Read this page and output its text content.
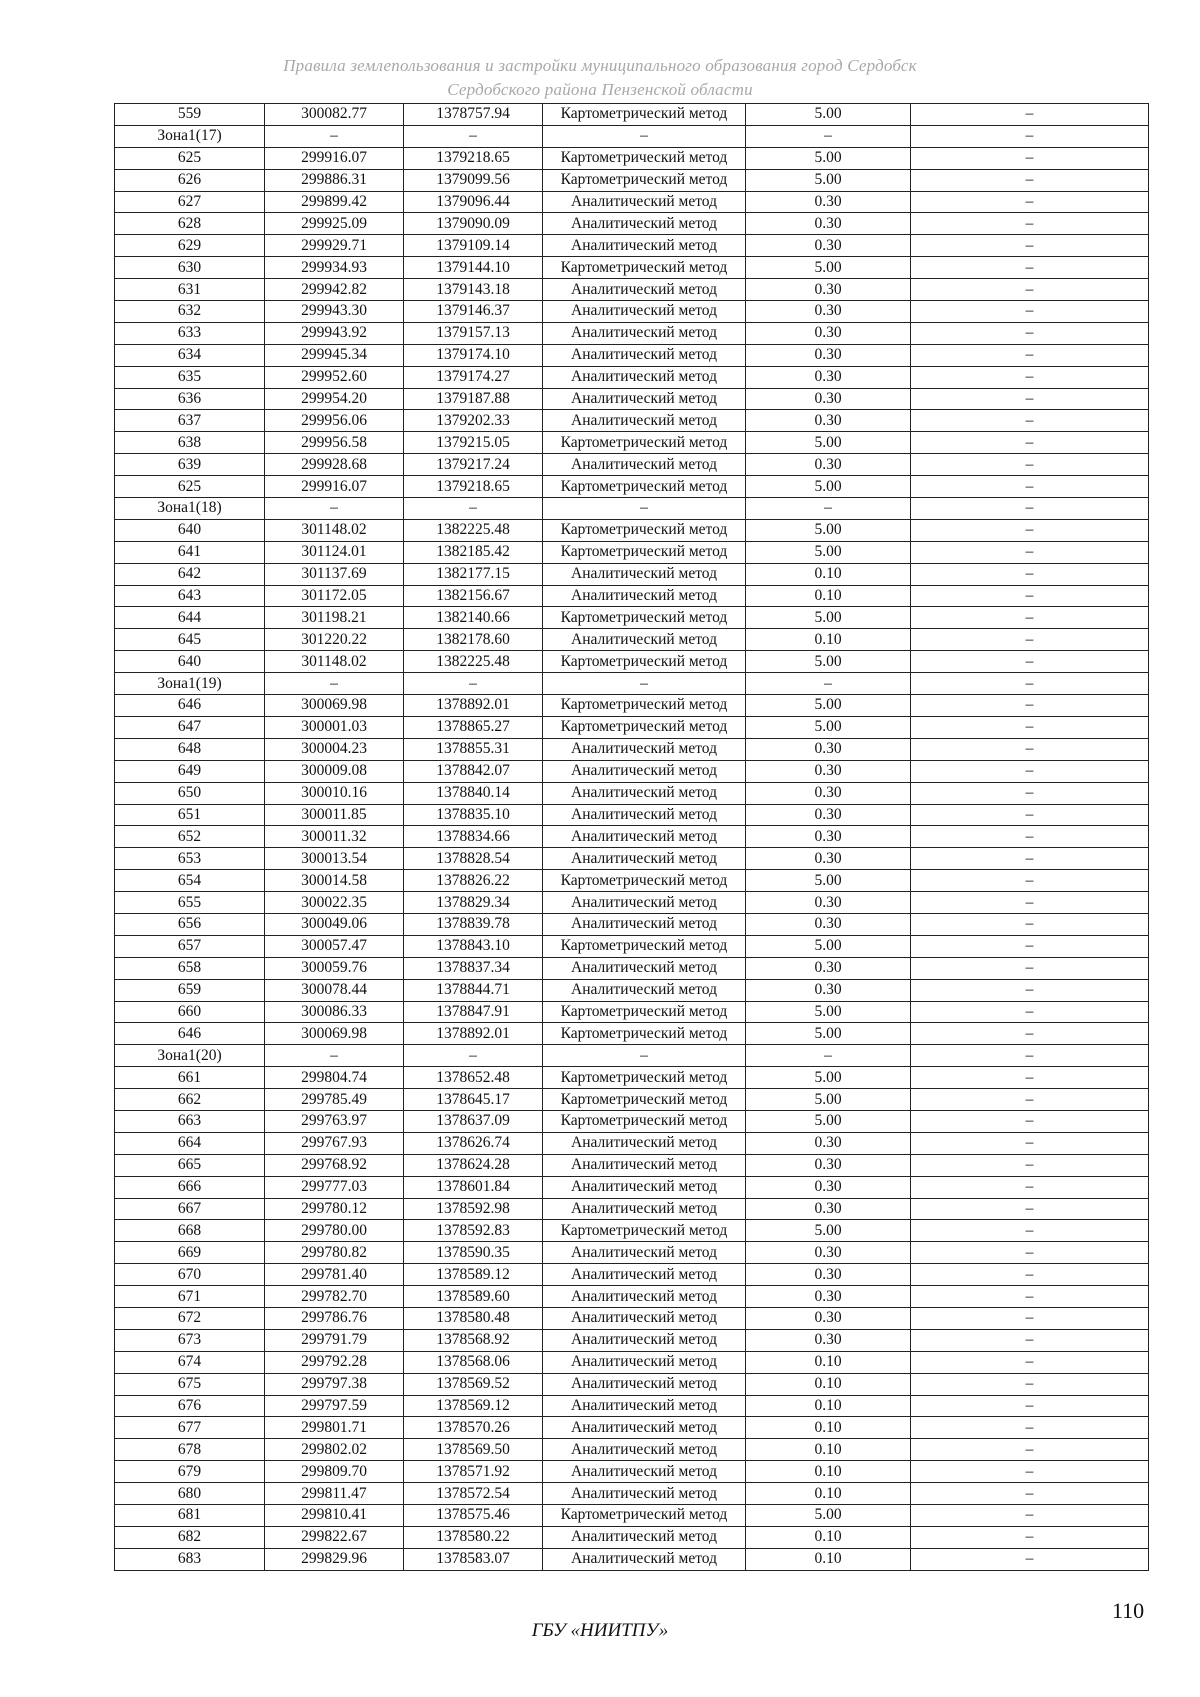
Правила землепользования и застройки муниципального образования город Сердобск
Сердобского района Пензенской области
559	300082.77	1378757.94	Картометрический метод	5.00	–
Зона1(17)	–	–	–	–	–
625	299916.07	1379218.65	Картометрический метод	5.00	–
626	299886.31	1379099.56	Картометрический метод	5.00	–
627	299899.42	1379096.44	Аналитический метод	0.30	–
628	299925.09	1379090.09	Аналитический метод	0.30	–
629	299929.71	1379109.14	Аналитический метод	0.30	–
630	299934.93	1379144.10	Картометрический метод	5.00	–
631	299942.82	1379143.18	Аналитический метод	0.30	–
632	299943.30	1379146.37	Аналитический метод	0.30	–
633	299943.92	1379157.13	Аналитический метод	0.30	–
634	299945.34	1379174.10	Аналитический метод	0.30	–
635	299952.60	1379174.27	Аналитический метод	0.30	–
636	299954.20	1379187.88	Аналитический метод	0.30	–
637	299956.06	1379202.33	Аналитический метод	0.30	–
638	299956.58	1379215.05	Картометрический метод	5.00	–
639	299928.68	1379217.24	Аналитический метод	0.30	–
625	299916.07	1379218.65	Картометрический метод	5.00	–
Зона1(18)	–	–	–	–	–
640	301148.02	1382225.48	Картометрический метод	5.00	–
641	301124.01	1382185.42	Картометрический метод	5.00	–
642	301137.69	1382177.15	Аналитический метод	0.10	–
643	301172.05	1382156.67	Аналитический метод	0.10	–
644	301198.21	1382140.66	Картометрический метод	5.00	–
645	301220.22	1382178.60	Аналитический метод	0.10	–
640	301148.02	1382225.48	Картометрический метод	5.00	–
Зона1(19)	–	–	–	–	–
646	300069.98	1378892.01	Картометрический метод	5.00	–
647	300001.03	1378865.27	Картометрический метод	5.00	–
648	300004.23	1378855.31	Аналитический метод	0.30	–
649	300009.08	1378842.07	Аналитический метод	0.30	–
650	300010.16	1378840.14	Аналитический метод	0.30	–
651	300011.85	1378835.10	Аналитический метод	0.30	–
652	300011.32	1378834.66	Аналитический метод	0.30	–
653	300013.54	1378828.54	Аналитический метод	0.30	–
654	300014.58	1378826.22	Картометрический метод	5.00	–
655	300022.35	1378829.34	Аналитический метод	0.30	–
656	300049.06	1378839.78	Аналитический метод	0.30	–
657	300057.47	1378843.10	Картометрический метод	5.00	–
658	300059.76	1378837.34	Аналитический метод	0.30	–
659	300078.44	1378844.71	Аналитический метод	0.30	–
660	300086.33	1378847.91	Картометрический метод	5.00	–
646	300069.98	1378892.01	Картометрический метод	5.00	–
Зона1(20)	–	–	–	–	–
661	299804.74	1378652.48	Картометрический метод	5.00	–
662	299785.49	1378645.17	Картометрический метод	5.00	–
663	299763.97	1378637.09	Картометрический метод	5.00	–
664	299767.93	1378626.74	Аналитический метод	0.30	–
665	299768.92	1378624.28	Аналитический метод	0.30	–
666	299777.03	1378601.84	Аналитический метод	0.30	–
667	299780.12	1378592.98	Аналитический метод	0.30	–
668	299780.00	1378592.83	Картометрический метод	5.00	–
669	299780.82	1378590.35	Аналитический метод	0.30	–
670	299781.40	1378589.12	Аналитический метод	0.30	–
671	299782.70	1378589.60	Аналитический метод	0.30	–
672	299786.76	1378580.48	Аналитический метод	0.30	–
673	299791.79	1378568.92	Аналитический метод	0.30	–
674	299792.28	1378568.06	Аналитический метод	0.10	–
675	299797.38	1378569.52	Аналитический метод	0.10	–
676	299797.59	1378569.12	Аналитический метод	0.10	–
677	299801.71	1378570.26	Аналитический метод	0.10	–
678	299802.02	1378569.50	Аналитический метод	0.10	–
679	299809.70	1378571.92	Аналитический метод	0.10	–
680	299811.47	1378572.54	Аналитический метод	0.10	–
681	299810.41	1378575.46	Картометрический метод	5.00	–
682	299822.67	1378580.22	Аналитический метод	0.10	–
683	299829.96	1378583.07	Аналитический метод	0.10	–
110
ГБУ «НИИТПУ»
